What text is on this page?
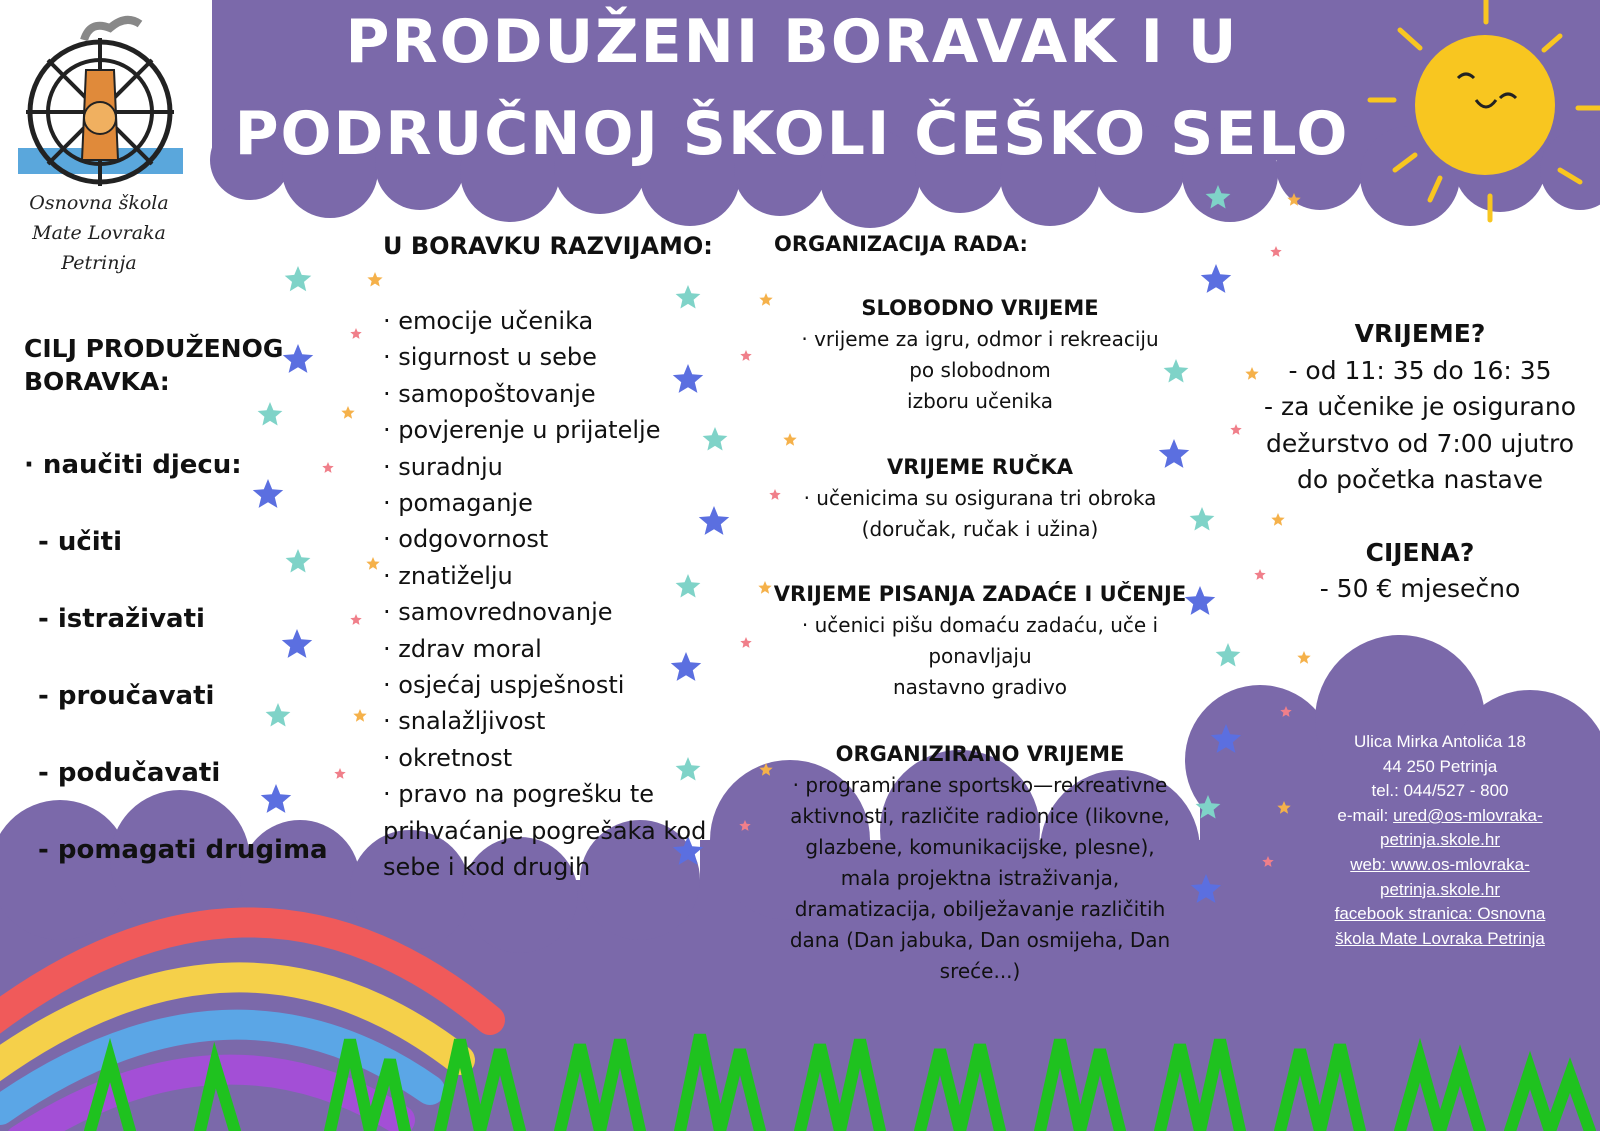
PRODUŽENI BORAVAK I U
PODRUČNOJ ŠKOLI ČEŠKO SELO
Osnovna škola
Mate Lovraka
Petrinja
CILJ PRODUŽENOG
BORAVKA:
· naučiti djecu:
- učiti
- istraživati
- proučavati
- podučavati
- pomagati drugima
U BORAVKU RAZVIJAMO:
· emocije učenika
· sigurnost u sebe
· samopoštovanje
· povjerenje u prijatelje
· suradnju
· pomaganje
· odgovornost
· znatiželju
· samovrednovanje
· zdrav moral
· osjećaj uspješnosti
· snalažljivost
· okretnost
· pravo na pogrešku te
prihvaćanje pogrešaka kod
sebe i kod drugih
ORGANIZACIJA RADA:
SLOBODNO VRIJEME
· vrijeme za igru, odmor i rekreaciju
po slobodnom
izboru učenika
VRIJEME RUČKA
· učenicima su osigurana tri obroka
(doručak, ručak i užina)
VRIJEME PISANJA ZADAĆE I UČENJE
· učenici pišu domaću zadaću, uče i
ponavljaju
nastavno gradivo
ORGANIZIRANO VRIJEME
· programirane sportsko—rekreativne
aktivnosti, različite radionice (likovne,
glazbene, komunikacijske, plesne),
mala projektna istraživanja,
dramatizacija, obilježavanje različitih
dana (Dan jabuka, Dan osmijeha, Dan
sreće...)
VRIJEME?
- od 11: 35 do 16: 35
- za učenike je osigurano
dežurstvo od 7:00 ujutro
do početka nastave
CIJENA?
- 50 € mjesečno
Ulica Mirka Antolića 18
44 250 Petrinja
tel.: 044/527 - 800
e-mail: ured@os-mlovraka-
petrinja.skole.hr
web: www.os-mlovraka-
petrinja.skole.hr
facebook stranica: Osnovna
škola Mate Lovraka Petrinja
